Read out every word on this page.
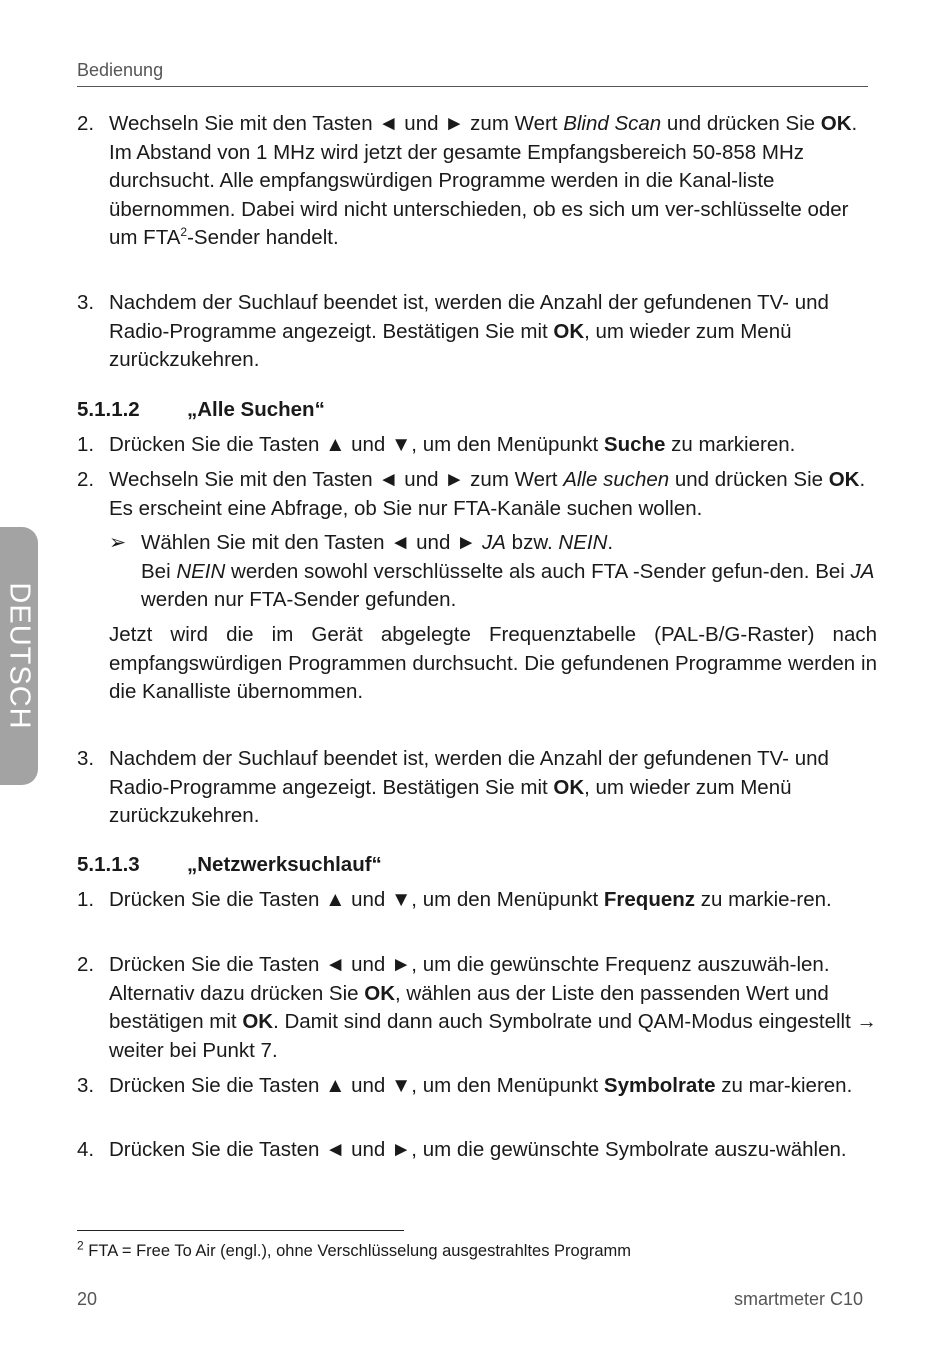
Bedienung
DEUTSCH
2. Wechseln Sie mit den Tasten ◄ und ► zum Wert Blind Scan und drücken Sie OK.

Im Abstand von 1 MHz wird jetzt der gesamte Empfangsbereich 50-858 MHz durchsucht. Alle empfangswürdigen Programme werden in die Kanal-liste übernommen. Dabei wird nicht unterschieden, ob es sich um ver-schlüsselte oder um FTA$^2$-Sender handelt.

3. Nachdem der Suchlauf beendet ist, werden die Anzahl der gefundenen TV- und Radio-Programme angezeigt. Bestätigen Sie mit OK, um wieder zum Menü zurückzukehren.

5.1.1.2 „Alle Suchen“
1. Drücken Sie die Tasten ▲ und ▼, um den Menüpunkt Suche zu markieren.

2. Wechseln Sie mit den Tasten ◄ und ► zum Wert Alle suchen und drücken Sie OK.

Es erscheint eine Abfrage, ob Sie nur FTA-Kanäle suchen wollen.

➢ Wählen Sie mit den Tasten ◄ und ► JA bzw. NEIN.

Bei NEIN werden sowohl verschlüsselte als auch FTA -Sender gefun-den. Bei JA werden nur FTA-Sender gefunden.

Jetzt wird die im Gerät abgelegte Frequenztabelle (PAL-B/G-Raster) nach empfangswürdigen Programmen durchsucht. Die gefundenen Programme werden in die Kanalliste übernommen.

3. Nachdem der Suchlauf beendet ist, werden die Anzahl der gefundenen TV- und Radio-Programme angezeigt. Bestätigen Sie mit OK, um wieder zum Menü zurückzukehren.

5.1.1.3 „Netzwerksuchlauf“
1. Drücken Sie die Tasten ▲ und ▼, um den Menüpunkt Frequenz zu markie-ren.

2. Drücken Sie die Tasten ◄ und ►, um die gewünschte Frequenz auszuwäh-len. Alternativ dazu drücken Sie OK, wählen aus der Liste den passenden Wert und bestätigen mit OK. Damit sind dann auch Symbolrate und QAM-Modus eingestellt → weiter bei Punkt 7.

3. Drücken Sie die Tasten ▲ und ▼, um den Menüpunkt Symbolrate zu mar-kieren.

4. Drücken Sie die Tasten ◄ und ►, um die gewünschte Symbolrate auszu-wählen.

$^2$ FTA = Free To Air (engl.), ohne Verschlüsselung ausgestrahltes Programm
20	smartmeter C10
